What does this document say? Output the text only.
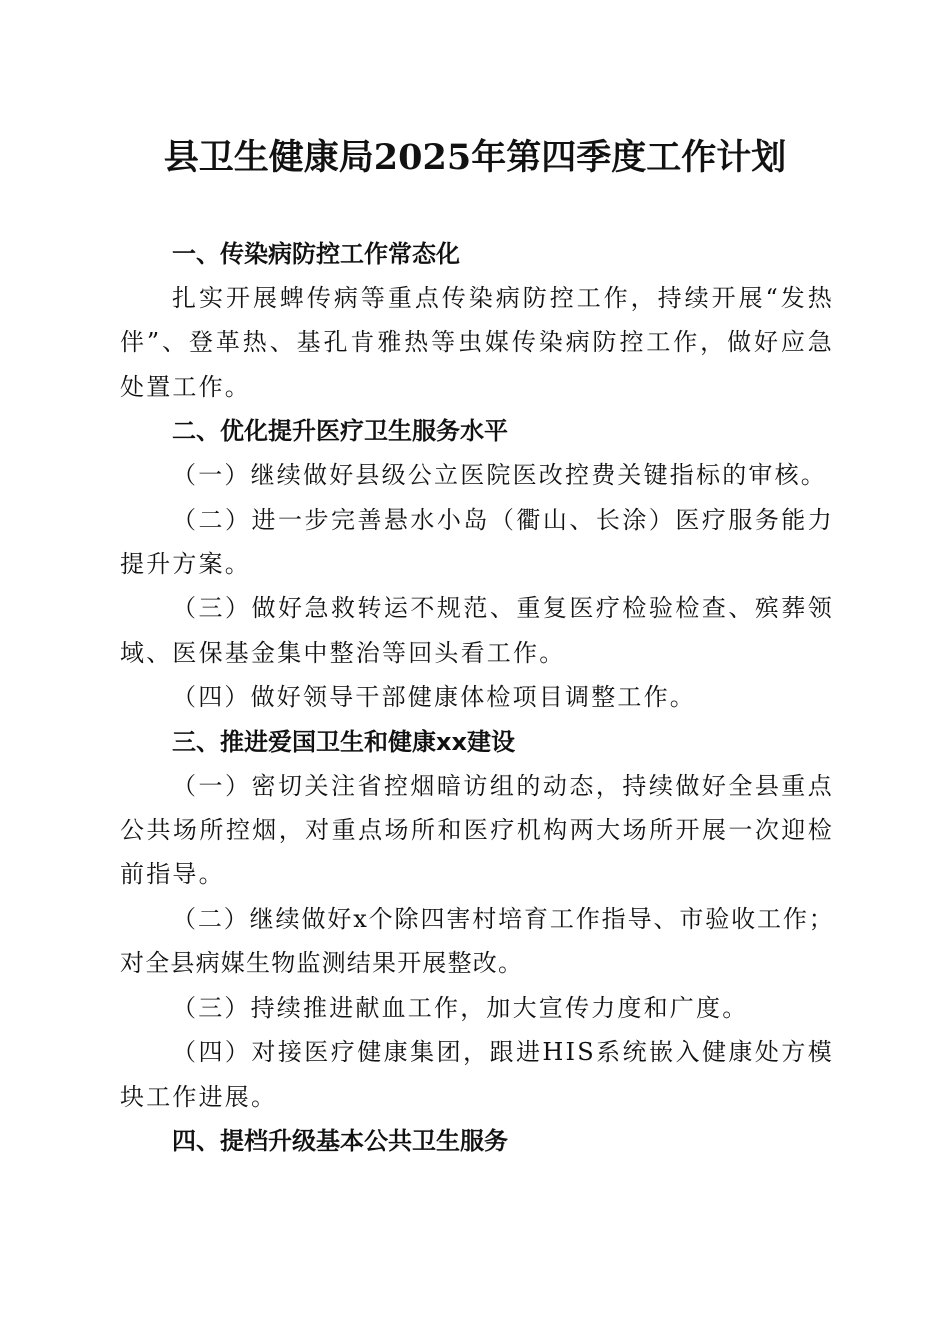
县卫生健康局2025年第四季度工作计划
一、传染病防控工作常态化

扎实开展蜱传病等重点传染病防控工作，持续开展“发热伴”、登革热、基孔肯雅热等虫媒传染病防控工作，做好应急处置工作。

二、优化提升医疗卫生服务水平

（一）继续做好县级公立医院医改控费关键指标的审核。

（二）进一步完善悬水小岛（衢山、长涂）医疗服务能力提升方案。

（三）做好急救转运不规范、重复医疗检验检查、殡葬领域、医保基金集中整治等回头看工作。

（四）做好领导干部健康体检项目调整工作。

三、推进爱国卫生和健康xx建设

（一）密切关注省控烟暗访组的动态，持续做好全县重点公共场所控烟，对重点场所和医疗机构两大场所开展一次迎检前指导。

（二）继续做好x个除四害村培育工作指导、市验收工作；对全县病媒生物监测结果开展整改。

（三）持续推进献血工作，加大宣传力度和广度。

（四）对接医疗健康集团，跟进HIS系统嵌入健康处方模块工作进展。

四、提档升级基本公共卫生服务
